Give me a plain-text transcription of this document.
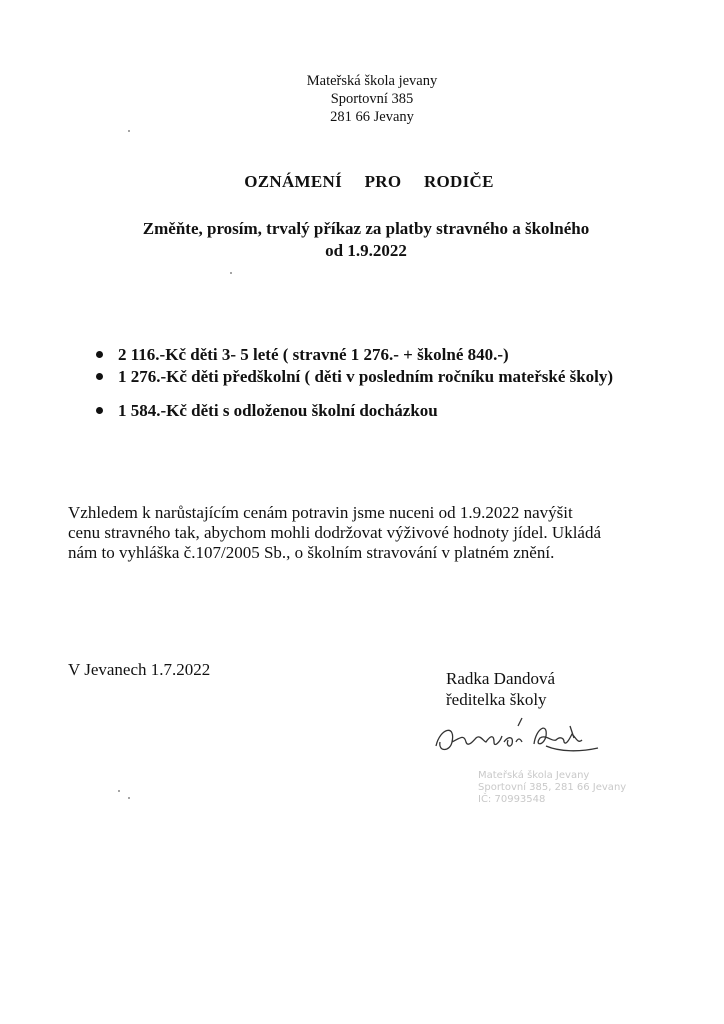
Mateřská škola jevany
Sportovní 385
281 66 Jevany
OZNÁMENÍ PRO RODIČE
Změňte, prosím, trvalý příkaz za platby stravného a školného
od 1.9.2022
2 116.-Kč děti 3- 5 leté ( stravné 1 276.- + školné 840.-)
1 276.-Kč děti předškolní ( děti v posledním ročníku mateřské školy)
1 584.-Kč děti s odloženou školní docházkou
Vzhledem k narůstajícím cenám potravin jsme nuceni od 1.9.2022 navýšit cenu stravného tak, abychom mohli dodržovat výživové hodnoty jídel. Ukládá nám to vyhláška č.107/2005 Sb., o školním stravování v platném znění.
V Jevanech 1.7.2022	Radka Dandová
ředitelka školy
Mateřská škola Jevany
Sportovní 385, 281 66 Jevany
IČ: 70993548
